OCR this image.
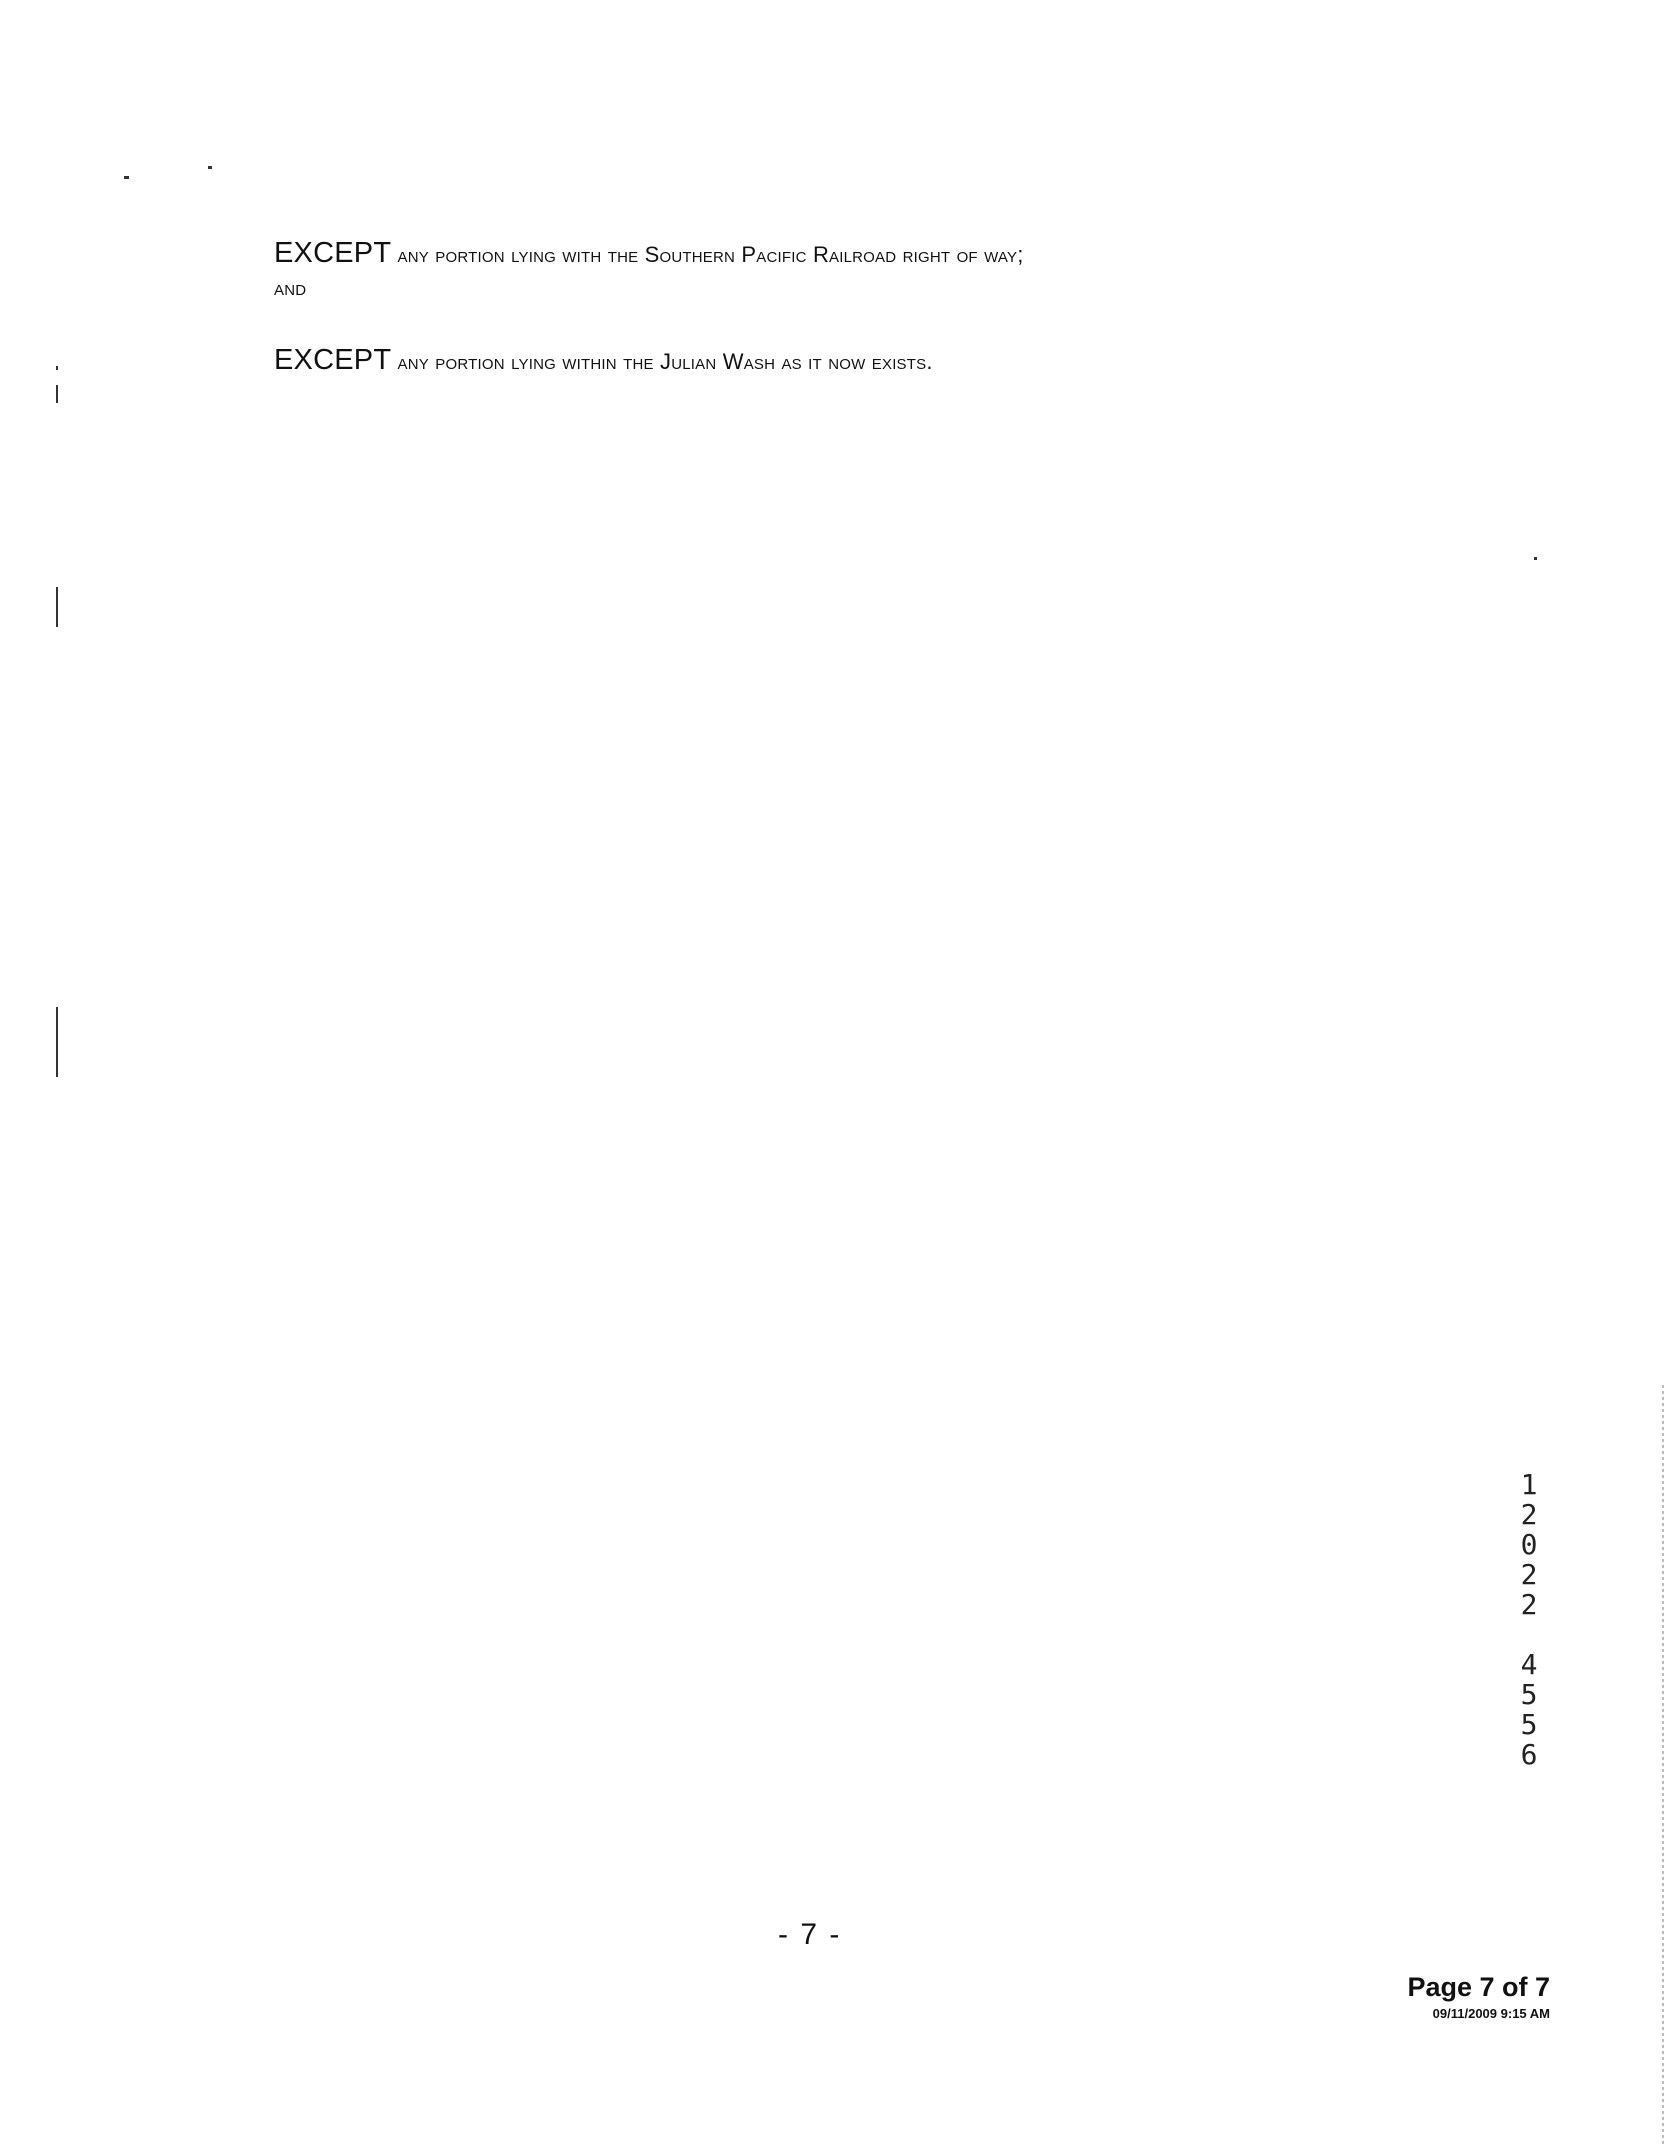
EXCEPT any portion lying with the Southern Pacific Railroad right of way;
and
EXCEPT any portion lying within the Julian Wash as it now exists.
1
2
0
2
2
4
5
5
6
- 7 -
Page 7 of 7
09/11/2009 9:15 AM
